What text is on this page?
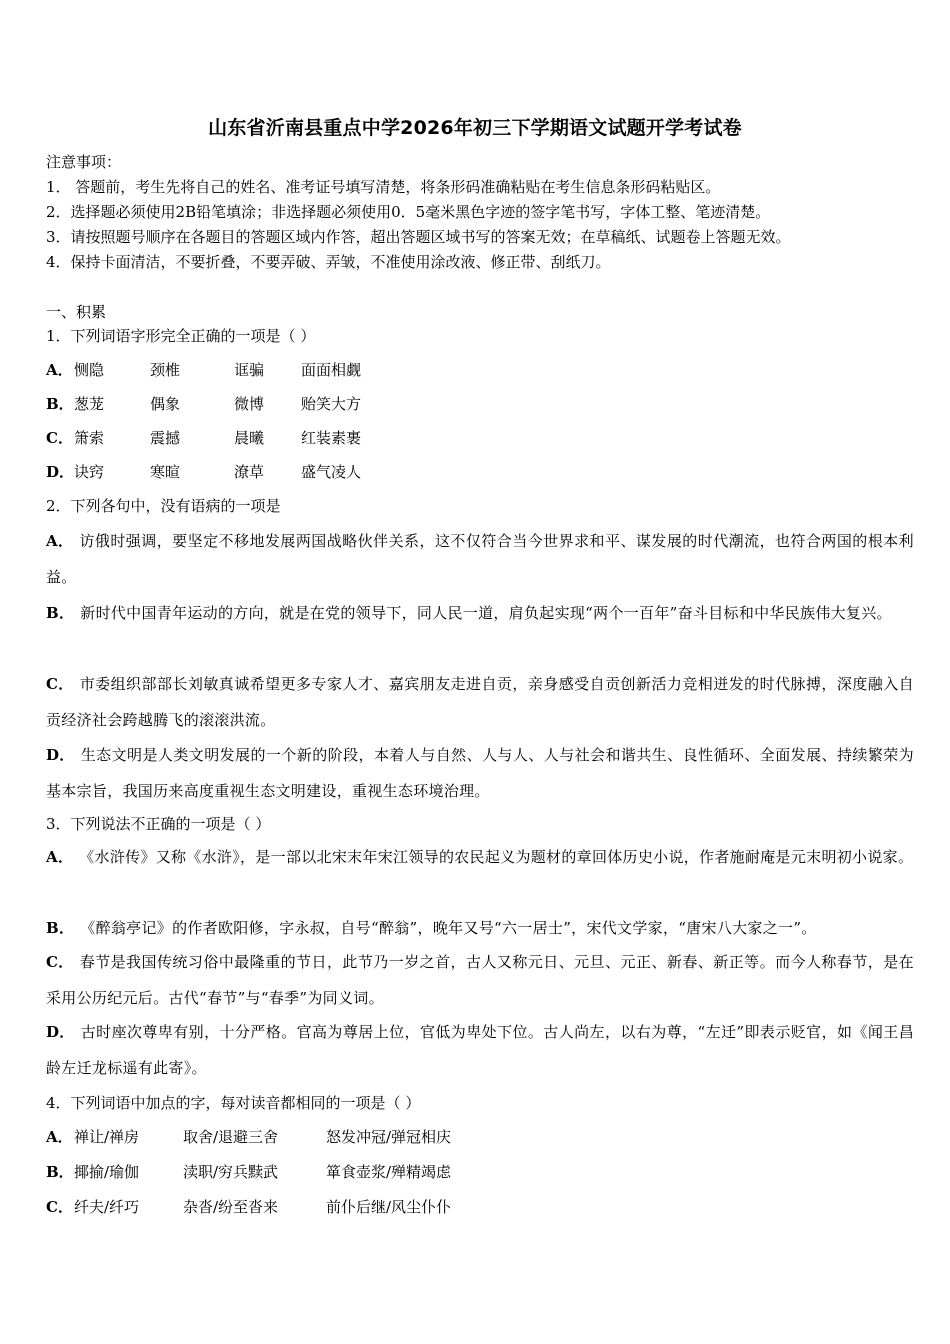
山东省沂南县重点中学2026年初三下学期语文试题开学考试卷
注意事项：
1． 答题前，考生先将自己的姓名、准考证号填写清楚，将条形码准确粘贴在考生信息条形码粘贴区。
2．选择题必须使用2B铅笔填涂；非选择题必须使用0．5毫米黑色字迹的签字笔书写，字体工整、笔迹清楚。
3．请按照题号顺序在各题目的答题区域内作答，超出答题区域书写的答案无效；在草稿纸、试题卷上答题无效。
4．保持卡面清洁，不要折叠，不要弄破、弄皱，不准使用涂改液、修正带、刮纸刀。
一、积累
1．下列词语字形完全正确的一项是（ ）
A． 恻隐	颈椎	诓骗 面面相觑
B． 葱茏	偶象	微博 贻笑大方
C． 箫索	震撼	晨曦 红装素裹
D． 诀窍	寒暄	潦草 盛气凌人
2．下列各句中，没有语病的一项是
A． 访俄时强调，要坚定不移地发展两国战略伙伴关系，这不仅符合当今世界求和平、谋发展的时代潮流，也符合两国的根本利益。
B． 新时代中国青年运动的方向，就是在党的领导下，同人民一道，肩负起实现“两个一百年”奋斗目标和中华民族伟大复兴。
C． 市委组织部部长刘敏真诚希望更多专家人才、嘉宾朋友走进自贡，亲身感受自贡创新活力竞相迸发的时代脉搏，深度融入自贡经济社会跨越腾飞的滚滚洪流。
D． 生态文明是人类文明发展的一个新的阶段，本着人与自然、人与人、人与社会和谐共生、良性循环、全面发展、持续繁荣为基本宗旨，我国历来高度重视生态文明建设，重视生态环境治理。
3．下列说法不正确的一项是（ ）
A． 《水浒传》又称《水浒》，是一部以北宋末年宋江领导的农民起义为题材的章回体历史小说，作者施耐庵是元末明初小说家。
B． 《醉翁亭记》的作者欧阳修，字永叔，自号“醉翁”，晚年又号“六一居士”，宋代文学家，“唐宋八大家之一”。
C． 春节是我国传统习俗中最隆重的节日，此节乃一岁之首，古人又称元日、元旦、元正、新春、新正等。而今人称春节，是在采用公历纪元后。古代“春节”与“春季”为同义词。
D． 古时座次尊卑有别，十分严格。官高为尊居上位，官低为卑处下位。古人尚左，以右为尊，“左迁”即表示贬官，如《闻王昌龄左迁龙标遥有此寄》。
4．下列词语中加点的字，每对读音都相同的一项是（ ）
A． 禅让/禅房	取舍/退避三舍	怒发冲冠/弹冠相庆
B． 揶揄/瑜伽	渎职/穷兵黩武	箪食壶浆/殚精竭虑
C． 纤夫/纤巧	杂沓/纷至沓来	前仆后继/风尘仆仆
